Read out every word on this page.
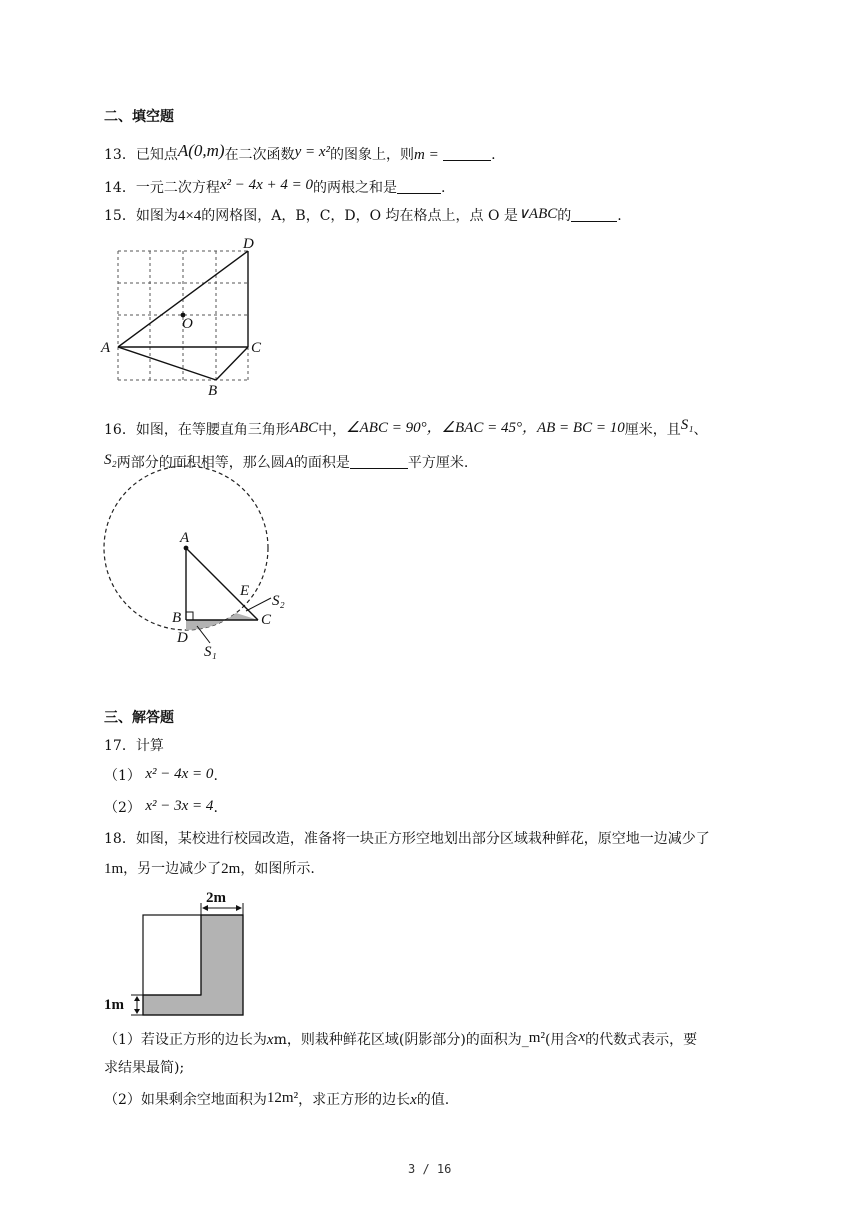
二、填空题
13．已知点A(0,m)在二次函数y = x²的图象上，则m =	.
14．一元二次方程x² − 4x + 4 = 0的两根之和是	.
15．如图为4×4的网格图，A，B，C，D，O 均在格点上，点 O 是∨ABC的	.
A
B
C
D
O
16．如图，在等腰直角三角形ABC中，∠ABC = 90°，∠BAC = 45°，AB = BC = 10厘米，且S₁、
S₂两部分的面积相等，那么圆A的面积是	平方厘米.
A
B	C
D
E
S₁
S₂
三、解答题
17．计算
（1） x² − 4x = 0.
（2） x² − 3x = 4.
18．如图，某校进行校园改造，准备将一块正方形空地划出部分区域栽种鲜花，原空地一边减少了
1m，另一边减少了2m，如图所示.
2m
1m
（1）若设正方形的边长为xm，则栽种鲜花区域(阴影部分)的面积为_m²(用含x的代数式表示，要
求结果最简);
（2）如果剩余空地面积为12m²，求正方形的边长x的值.
3 / 16
